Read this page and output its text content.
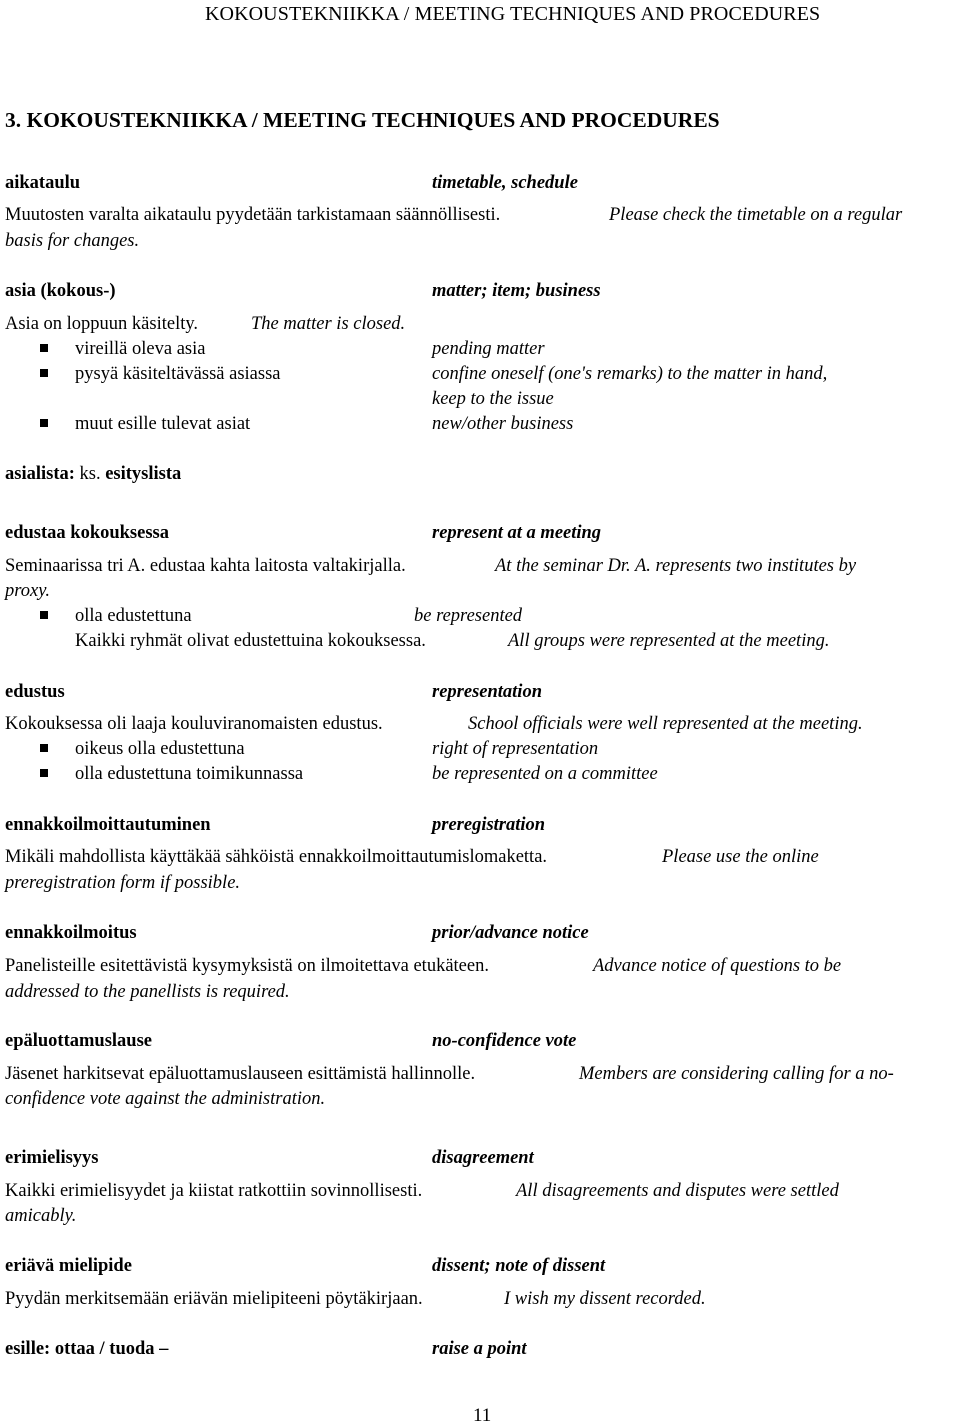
KOKOUSTEKNIIKKA / MEETING TECHNIQUES AND PROCEDURES
3. KOKOUSTEKNIIKKA / MEETING TECHNIQUES AND PROCEDURES
aikataulu	timetable, schedule
Muutosten varalta aikataulu pyydetään tarkistamaan säännöllisesti.	Please check the timetable on a regular
basis for changes.
asia (kokous-)	matter; item; business
Asia on loppuun käsitelty.	The matter is closed.
vireillä oleva asia	pending matter
pysyä käsiteltävässä asiassa	confine oneself (one's remarks) to the matter in hand,
keep to the issue
muut esille tulevat asiat	new/other business
asialista: ks. esityslista
edustaa kokouksessa	represent at a meeting
Seminaarissa tri A. edustaa kahta laitosta valtakirjalla.	At the seminar Dr. A. represents two institutes by
proxy.
olla edustettuna	be represented
Kaikki ryhmät olivat edustettuina kokouksessa.	All groups were represented at the meeting.
edustus	representation
Kokouksessa oli laaja kouluviranomaisten edustus.	School officials were well represented at the meeting.
oikeus olla edustettuna	right of representation
olla edustettuna toimikunnassa	be represented on a committee
ennakkoilmoittautuminen	preregistration
Mikäli mahdollista käyttäkää sähköistä ennakkoilmoittautumislomaketta.	Please use the online
preregistration form if possible.
ennakkoilmoitus	prior/advance notice
Panelisteille esitettävistä kysymyksistä on ilmoitettava etukäteen.	Advance notice of questions to be
addressed to the panellists is required.
epäluottamuslause	no-confidence vote
Jäsenet harkitsevat epäluottamuslauseen esittämistä hallinnolle.	Members are considering calling for a no-
confidence vote against the administration.
erimielisyys	disagreement
Kaikki erimielisyydet ja kiistat ratkottiin sovinnollisesti.	All disagreements and disputes were settled
amicably.
eriävä mielipide	dissent; note of dissent
Pyydän merkitsemään eriävän mielipiteeni pöytäkirjaan.	I wish my dissent recorded.
esille: ottaa / tuoda –	raise a point
11
